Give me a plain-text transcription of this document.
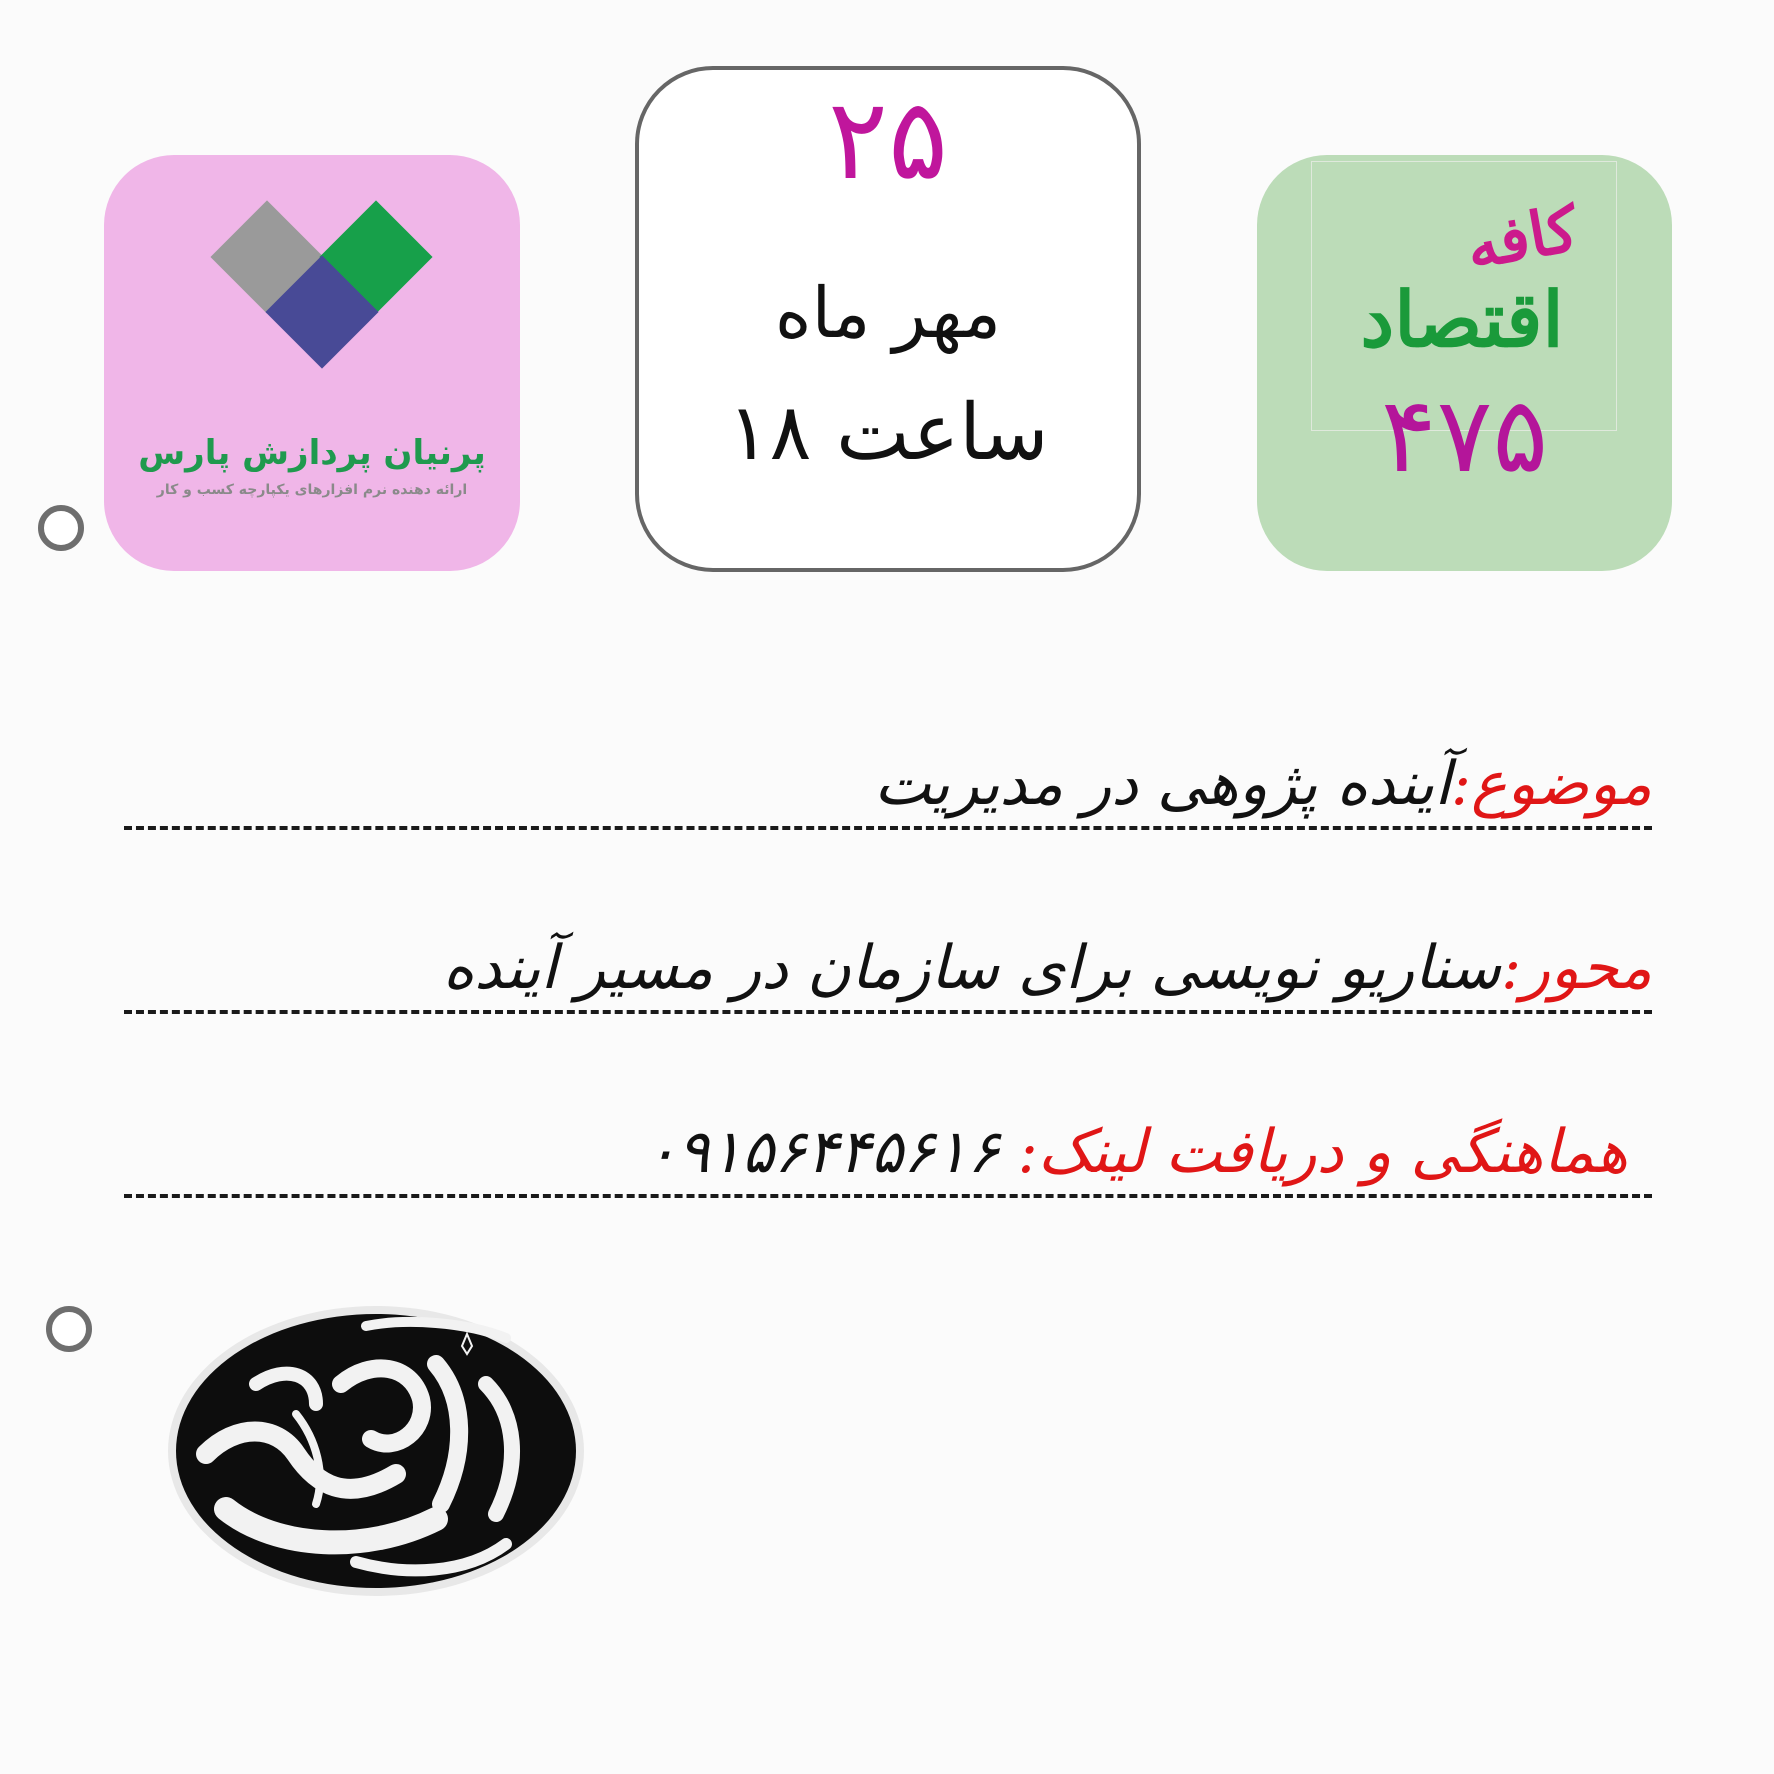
پرنیان پردازش پارس
ارائه دهنده نرم افزارهای یکپارچه کسب و کار
۲۵
مهر ماه
ساعت ۱۸
کافه
اقتصاد
۴۷۵
موضوع:آینده پژوهی در مدیریت
محور:سناریو نویسی برای سازمان در مسیر آینده
هماهنگی و دریافت لینک:۰۹۱۵۶۴۴۵۶۱۶
